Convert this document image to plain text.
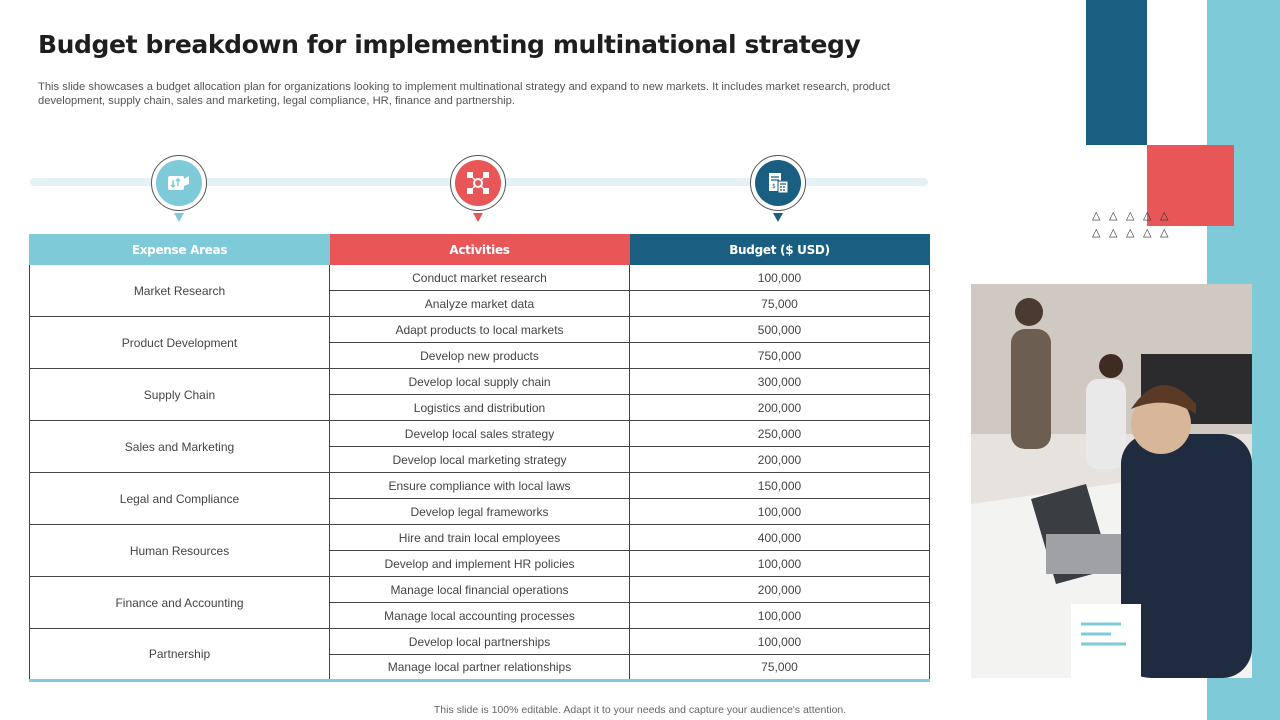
△ △ △ △ △
△ △ △ △ △
Budget breakdown for implementing multinational strategy

This slide showcases a budget allocation plan for organizations looking to implement multinational strategy and expand to new markets. It includes market research, product development, supply chain, sales and marketing, legal compliance, HR, finance and partnership.

$
Expense Areas	Activities	Budget ($ USD)
Market Research	Conduct market research	100,000
	Analyze market data	75,000
Product Development	Adapt products to local markets	500,000
	Develop new products	750,000
Supply Chain	Develop local supply chain	300,000
	Logistics and distribution	200,000
Sales and Marketing	Develop local sales strategy	250,000
	Develop local marketing strategy	200,000
Legal and Compliance	Ensure compliance with local laws	150,000
	Develop legal frameworks	100,000
Human Resources	Hire and train local employees	400,000
	Develop and implement HR policies	100,000
Finance and Accounting	Manage local financial operations	200,000
	Manage local accounting processes	100,000
Partnership	Develop local partnerships	100,000
	Manage local partner relationships	75,000
This slide is 100% editable. Adapt it to your needs and capture your audience's attention.
